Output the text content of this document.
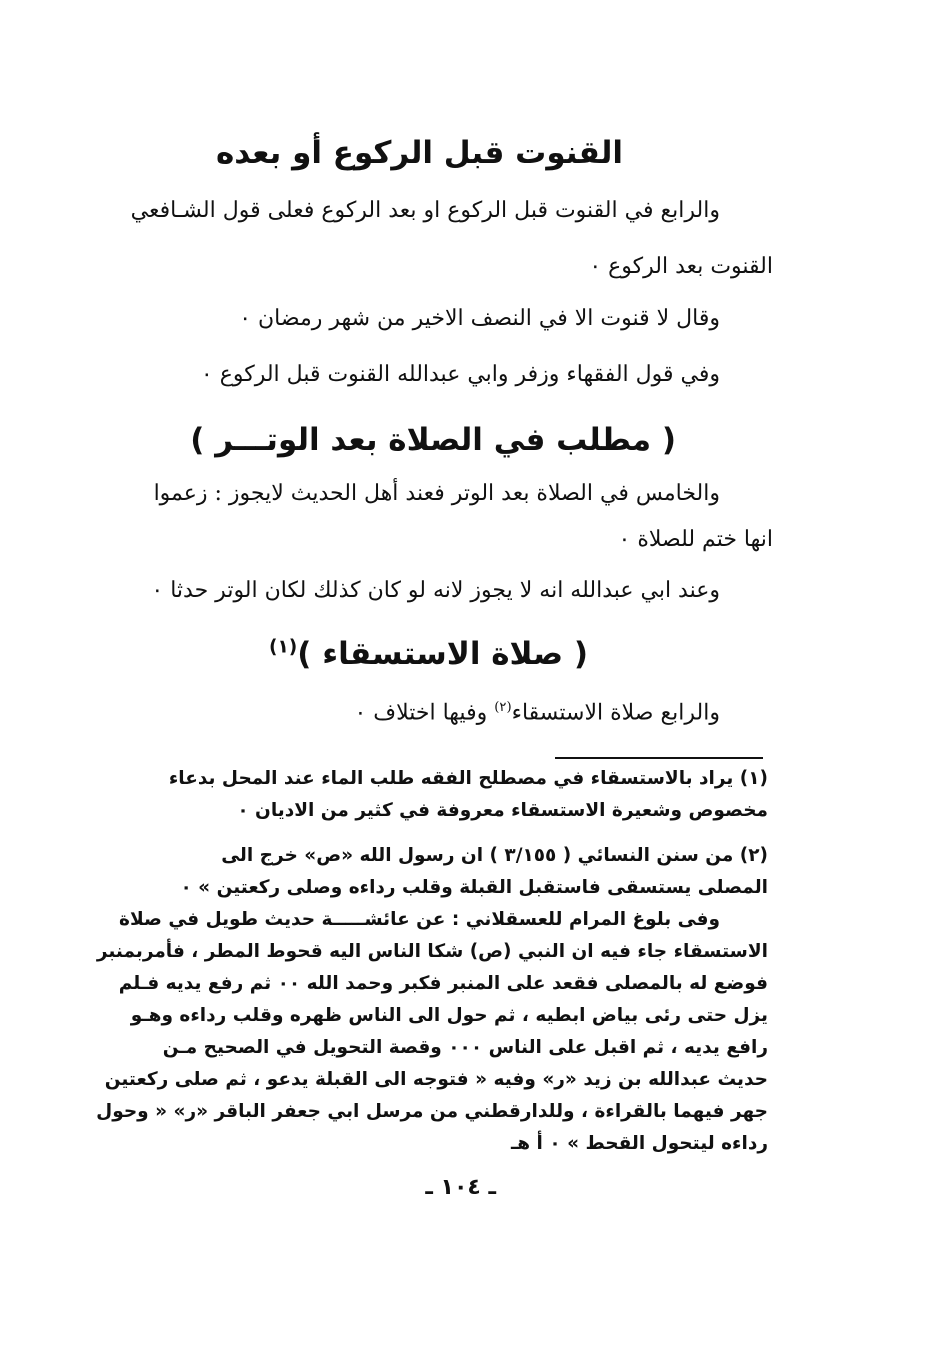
القنوت قبل الركوع أو بعده
والرابع في القنوت قبل الركوع او بعد الركوع فعلى قول الشـافعي
القنوت بعد الركوع ٠
وقال لا قنوت الا في النصف الاخير من شهر رمضان ٠
وفي قول الفقهاء وزفر وابي عبدالله القنوت قبل الركوع ٠
( مطلب في الصلاة بعد الوتـــر )
والخامس في الصلاة بعد الوتر فعند أهل الحديث لايجوز : زعموا
انها ختم للصلاة ٠
وعند ابي عبدالله انه لا يجوز لانه لو كان كذلك لكان الوتر حدثا ٠
( صلاة الاستسقاء )$^{(١)}$
والرابع صلاة الاستسقاء$^{(٢)}$ وفيها اختلاف ٠
(١) يراد بالاستسقاء في مصطلح الفقه طلب الماء عند المحل بدعاء
مخصوص وشعيرة الاستسقاء معروفة في كثير من الاديان ٠
(٢) من سنن النسائي ( ٣/١٥٥ ) ان رسول الله «ص» خرج الى
المصلى يستسقى فاستقبل القبلة وقلب رداءه وصلى ركعتين » ٠
وفى بلوغ المرام للعسقلاني : عن عائشـــــة حديث طويل في صلاة
الاستسقاء جاء فيه ان النبي (ص) شكا الناس اليه قحوط المطر ، فأمربمنبر
فوضع له بالمصلى فقعد على المنبر فكبر وحمد الله ٠٠ ثم رفع يديه فـلم
يزل حتى رئى بياض ابطيه ، ثم حول الى الناس ظهره وقلب رداءه وهـو
رافع يديه ، ثم اقبل على الناس ٠٠٠ وقصة التحويل في الصحيح مـن
حديث عبدالله بن زيد «ر» وفيه « فتوجه الى القبلة يدعو ، ثم صلى ركعتين
جهر فيهما بالقراءة ، وللدارقطني من مرسل ابي جعفر الباقر «ر» « وحول
رداءه ليتحول القحط » ٠ أ هـ
ـ ١٠٤ ـ
